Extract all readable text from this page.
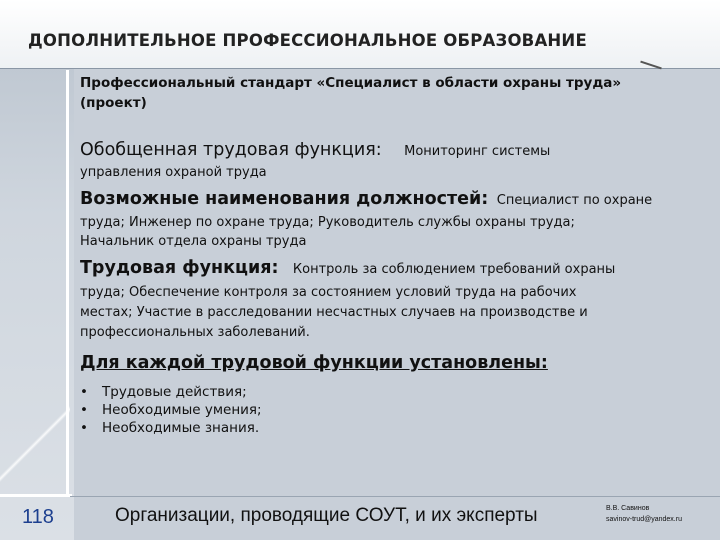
ДОПОЛНИТЕЛЬНОЕ ПРОФЕССИОНАЛЬНОЕ ОБРАЗОВАНИЕ

Профессиональный стандарт «Специалист в области охраны труда»

(проект)

Обобщенная трудовая функция: Мониторинг системы

управления охраной труда

Возможные наименования должностей: Специалист по охране

труда; Инженер по охране труда; Руководитель службы охраны труда;

Начальник отдела охраны труда

Трудовая функция: Контроль за соблюдением требований охраны

труда; Обеспечение контроля за состоянием условий труда на рабочих

местах; Участие в расследовании несчастных случаев на производстве и

профессиональных заболеваний.

Для каждой трудовой функции установлены:

• Трудовые действия;
• Необходимые умения;
• Необходимые знания.
118	Организации, проводящие СОУТ, и их эксперты	В.В. Савинов
savinov-trud@yandex.ru
